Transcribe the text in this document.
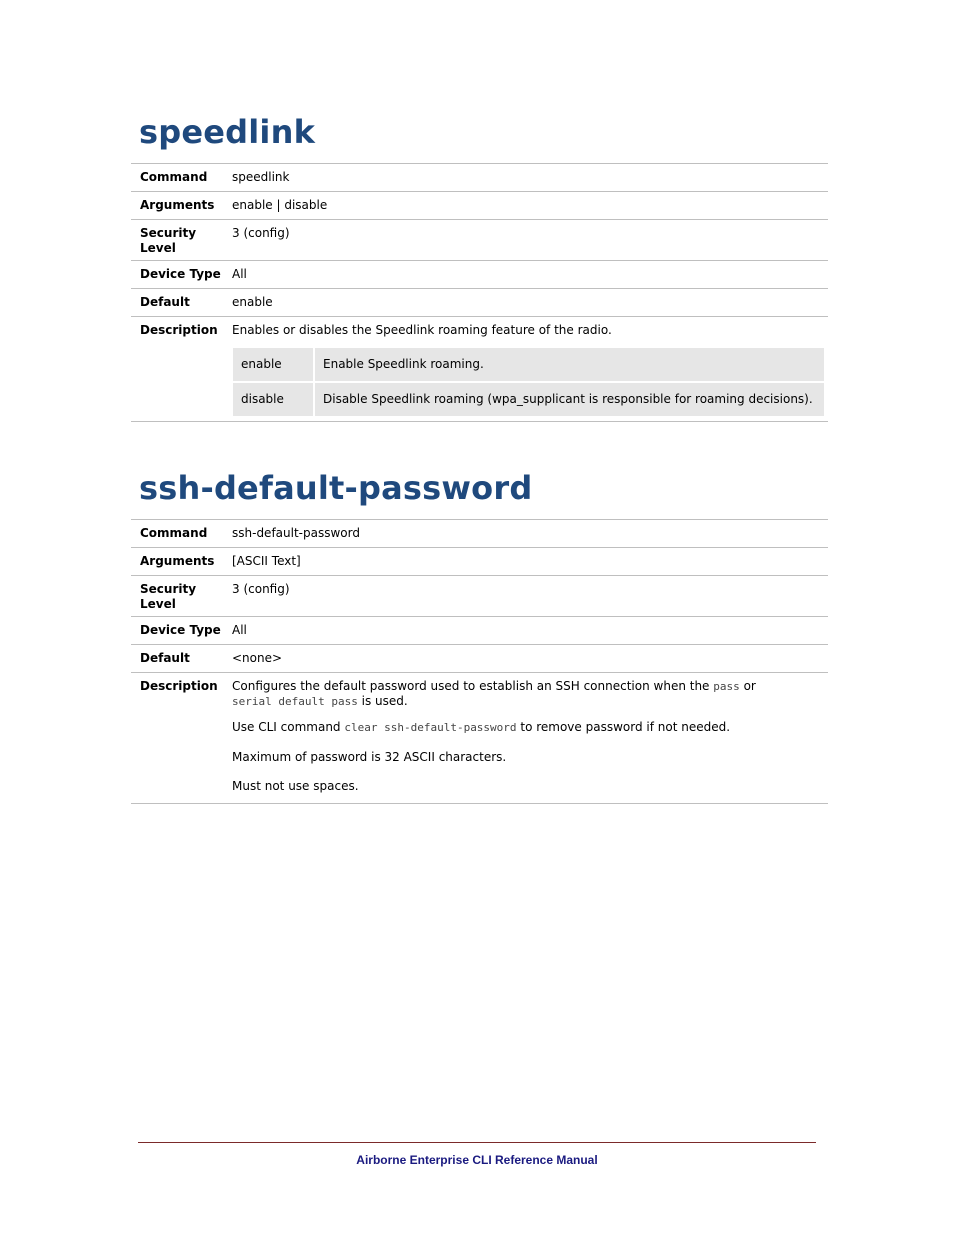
speedlink
Command	speedlink
Arguments	enable | disable
Security Level	3 (config)
Device Type	All
Default	enable
Description	Enables or disables the Speedlink roaming feature of the radio.
enable	Enable Speedlink roaming.
disable	Disable Speedlink roaming (wpa_supplicant is responsible for roaming decisions).
ssh-default-password
Command	ssh-default-password
Arguments	[ASCII Text]
Security Level	3 (config)
Device Type	All
Default	<none>
Description	Configures the default password used to establish an SSH connection when the pass or serial default pass is used.

Use CLI command clear ssh-default-password to remove password if not needed.

Maximum of password is 32 ASCII characters.

Must not use spaces.

Airborne Enterprise CLI Reference Manual
